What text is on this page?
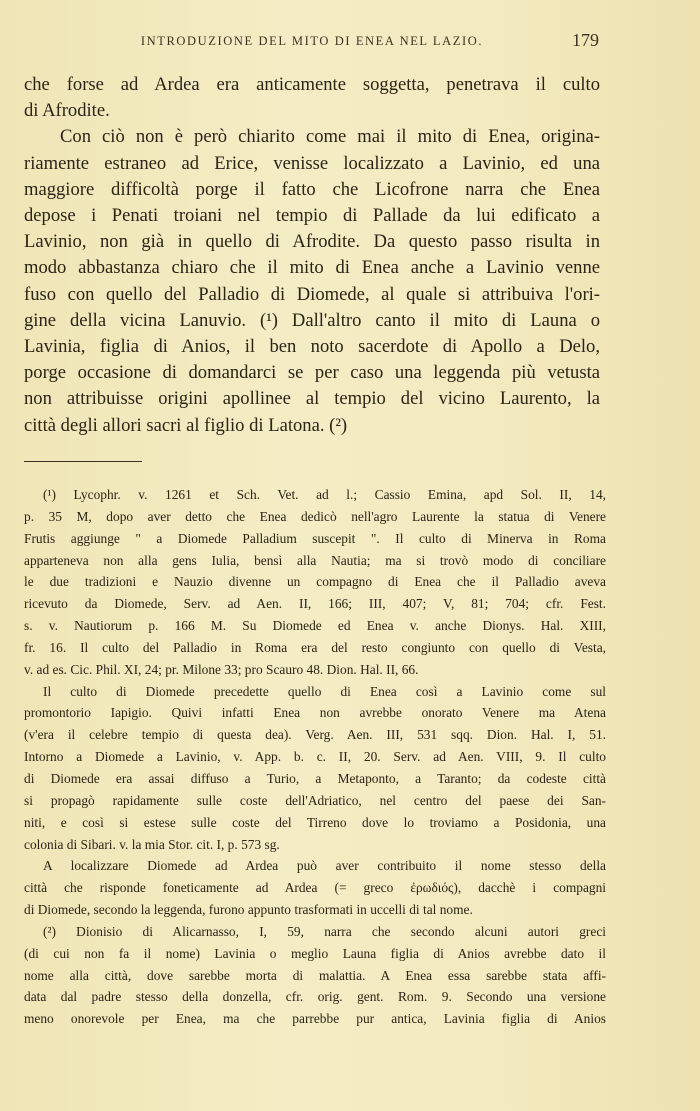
INTRODUZIONE DEL MITO DI ENEA NEL LAZIO.	179
che forse ad Ardea era anticamente soggetta, penetrava il culto
di Afrodite.
Con ciò non è però chiarito come mai il mito di Enea, origina-
riamente estraneo ad Erice, venisse localizzato a Lavinio, ed una
maggiore difficoltà porge il fatto che Licofrone narra che Enea
depose i Penati troiani nel tempio di Pallade da lui edificato a
Lavinio, non già in quello di Afrodite. Da questo passo risulta in
modo abbastanza chiaro che il mito di Enea anche a Lavinio venne
fuso con quello del Palladio di Diomede, al quale si attribuiva l'ori-
gine della vicina Lanuvio. (¹) Dall'altro canto il mito di Launa o
Lavinia, figlia di Anios, il ben noto sacerdote di Apollo a Delo,
porge occasione di domandarci se per caso una leggenda più vetusta
non attribuisse origini apollinee al tempio del vicino Laurento, la
città degli allori sacri al figlio di Latona. (²)
(¹) Lycophr. v. 1261 et Sch. Vet. ad l.; Cassio Emina, apd Sol. II, 14,
p. 35 M, dopo aver detto che Enea dedicò nell'agro Laurente la statua di Venere
Frutis aggiunge " a Diomede Palladium suscepit ". Il culto di Minerva in Roma
apparteneva non alla gens Iulia, bensì alla Nautia; ma si trovò modo di conciliare
le due tradizioni e Nauzio divenne un compagno di Enea che il Palladio aveva
ricevuto da Diomede, Serv. ad Aen. II, 166; III, 407; V, 81; 704; cfr. Fest.
s. v. Nautiorum p. 166 M. Su Diomede ed Enea v. anche Dionys. Hal. XIII,
fr. 16. Il culto del Palladio in Roma era del resto congiunto con quello di Vesta,
v. ad es. Cic. Phil. XI, 24; pr. Milone 33; pro Scauro 48. Dion. Hal. II, 66.
Il culto di Diomede precedette quello di Enea così a Lavinio come sul
promontorio Iapigio. Quivi infatti Enea non avrebbe onorato Venere ma Atena
(v'era il celebre tempio di questa dea). Verg. Aen. III, 531 sqq. Dion. Hal. I, 51.
Intorno a Diomede a Lavinio, v. App. b. c. II, 20. Serv. ad Aen. VIII, 9. Il culto
di Diomede era assai diffuso a Turio, a Metaponto, a Taranto; da codeste città
si propagò rapidamente sulle coste dell'Adriatico, nel centro del paese dei San-
niti, e così si estese sulle coste del Tirreno dove lo troviamo a Posidonia, una
colonia di Sibari. v. la mia Stor. cit. I, p. 573 sg.
A localizzare Diomede ad Ardea può aver contribuito il nome stesso della
città che risponde foneticamente ad Ardea (= greco ἐρωδιός), dacchè i compagni
di Diomede, secondo la leggenda, furono appunto trasformati in uccelli di tal nome.
(²) Dionisio di Alicarnasso, I, 59, narra che secondo alcuni autori greci
(di cui non fa il nome) Lavinia o meglio Launa figlia di Anios avrebbe dato il
nome alla città, dove sarebbe morta di malattia. A Enea essa sarebbe stata affi-
data dal padre stesso della donzella, cfr. orig. gent. Rom. 9. Secondo una versione
meno onorevole per Enea, ma che parrebbe pur antica, Lavinia figlia di Anios
